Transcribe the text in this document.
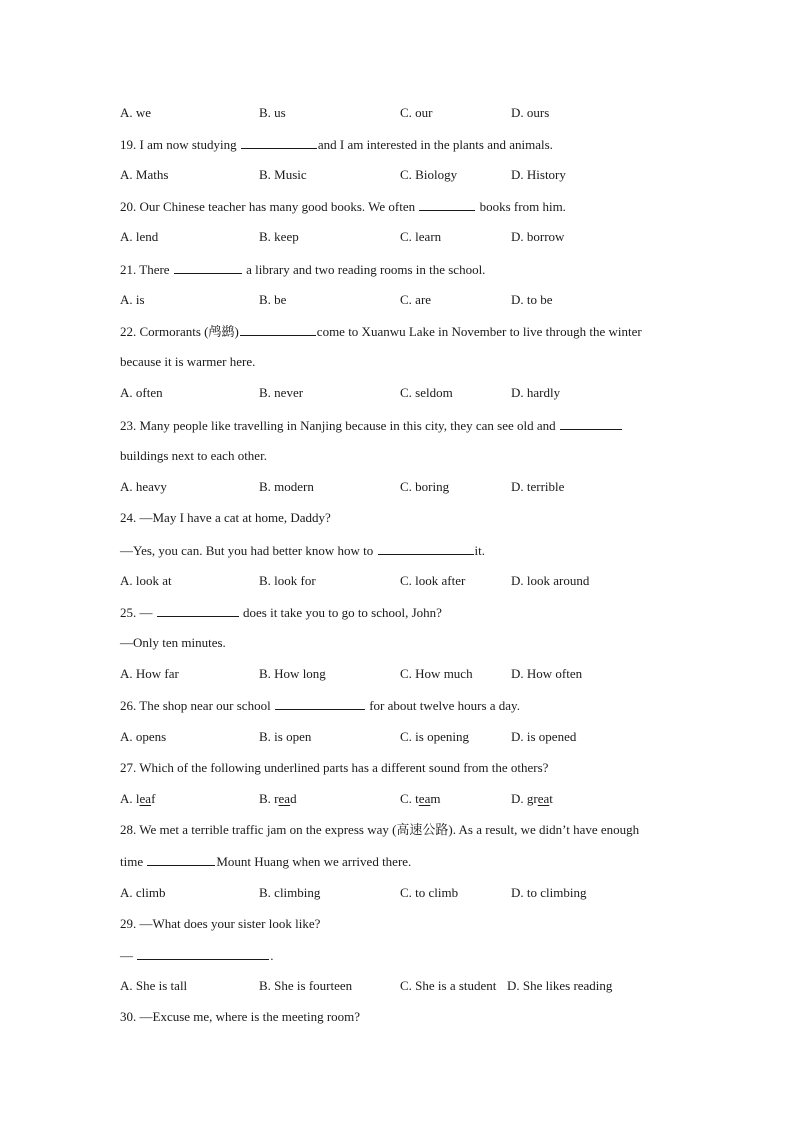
A. we	B. us	C. our	D. ours
19. I am now studying	and I am interested in the plants and animals.
A. Maths	B. Music	C. Biology	D. History
20. Our Chinese teacher has many good books. We often	books from him.
A. lend	B. keep	C. learn	D. borrow
21. There	a library and two reading rooms in the school.
A. is	B. be	C. are	D. to be
22. Cormorants (鸬鹚)	come to Xuanwu Lake in November to live through the winter
because it is warmer here.
A. often	B. never	C. seldom	D. hardly
23. Many people like travelling in Nanjing because in this city, they can see old and
buildings next to each other.
A. heavy	B. modern	C. boring	D. terrible
24. —May I have a cat at home, Daddy?
—Yes, you can. But you had better know how to	it.
A. look at	B. look for	C. look after	D. look around
25. —	does it take you to go to school, John?
—Only ten minutes.
A. How far	B. How long	C. How much	D. How often
26. The shop near our school	for about twelve hours a day.
A. opens	B. is open	C. is opening	D. is opened
27. Which of the following underlined parts has a different sound from the others?
A. leaf	B. read	C. team	D. great
28. We met a terrible traffic jam on the express way (高速公路). As a result, we didn’t have enough
time	Mount Huang when we arrived there.
A. climb	B. climbing	C. to climb	D. to climbing
29. —What does your sister look like?
—	.
A. She is tall	B. She is fourteen	C. She is a student D. She likes reading
30. —Excuse me, where is the meeting room?
